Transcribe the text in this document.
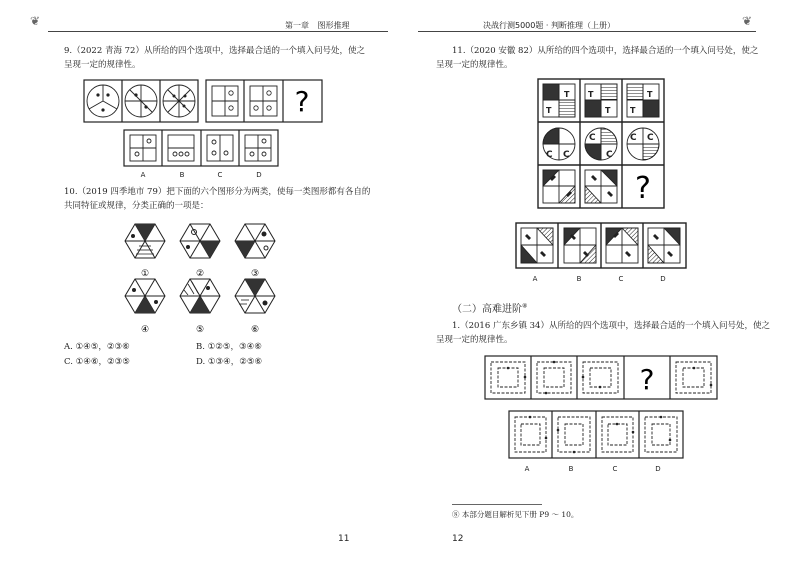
第一章 图形推理	决战行测5000题 · 判断推理（上册）
❦	❦
9.（2022 青海 72）从所给的四个选项中，选择最合适的一个填入问号处，使之
呈现一定的规律性。
?
A	B	C	D
10.（2019 四季地市 79）把下面的六个图形分为两类，使每一类图形都有各自的
共同特征或规律，分类正确的一项是：
①	②	③
④	⑤	⑥
A. ①④⑤，②③⑥	B. ①②⑤，③④⑥
C. ①④⑥，②③⑤	D. ①③④，②⑤⑥
11
11.（2020 安徽 82）从所给的四个选项中，选择最合适的一个填入问号处，使之
呈现一定的规律性。
T
T
T
T
T
T
C
C
C
C
C C
?
A	B	C	D
（二）高难进阶⑧
1.（2016 广东乡镇 34）从所给的四个选项中，选择最合适的一个填入问号处，使之
呈现一定的规律性。
?
A	B	C	D
⑧ 本部分题目解析见下册 P9 ～ 10。
12
